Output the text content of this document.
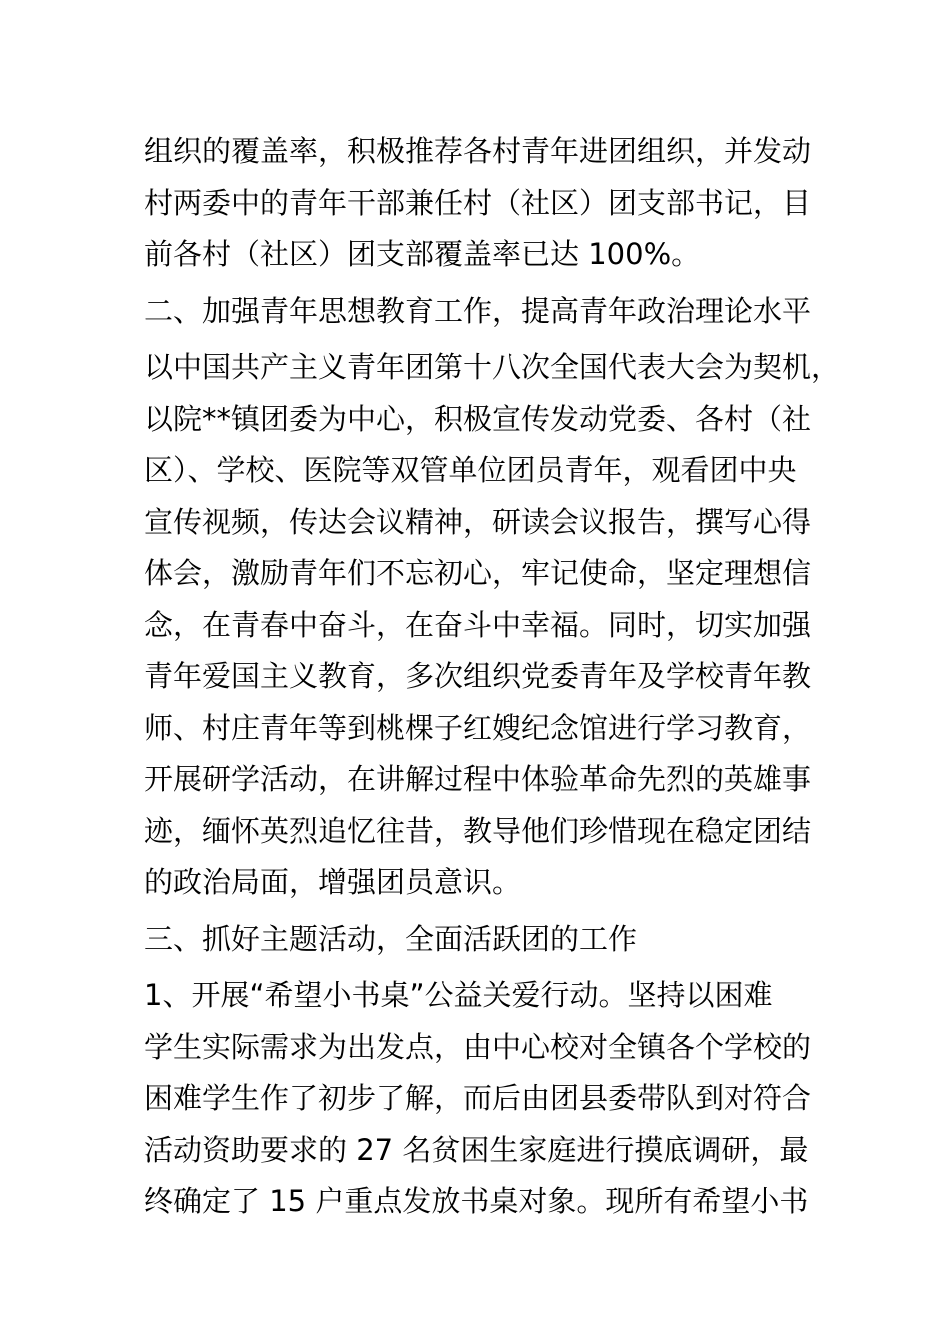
组织的覆盖率，积极推荐各村青年进团组织，并发动
村两委中的青年干部兼任村（社区）团支部书记，目
前各村（社区）团支部覆盖率已达 100%。
二、加强青年思想教育工作，提高青年政治理论水平
以中国共产主义青年团第十八次全国代表大会为契机，
以院**镇团委为中心，积极宣传发动党委、各村（社
区）、学校、医院等双管单位团员青年，观看团中央
宣传视频，传达会议精神，研读会议报告，撰写心得
体会，激励青年们不忘初心，牢记使命，坚定理想信
念，在青春中奋斗，在奋斗中幸福。同时，切实加强
青年爱国主义教育，多次组织党委青年及学校青年教
师、村庄青年等到桃棵子红嫂纪念馆进行学习教育，
开展研学活动，在讲解过程中体验革命先烈的英雄事
迹，缅怀英烈追忆往昔，教导他们珍惜现在稳定团结
的政治局面，增强团员意识。
三、抓好主题活动，全面活跃团的工作
1、开展“希望小书桌”公益关爱行动。坚持以困难
学生实际需求为出发点，由中心校对全镇各个学校的
困难学生作了初步了解，而后由团县委带队到对符合
活动资助要求的 27 名贫困生家庭进行摸底调研，最
终确定了 15 户重点发放书桌对象。现所有希望小书
